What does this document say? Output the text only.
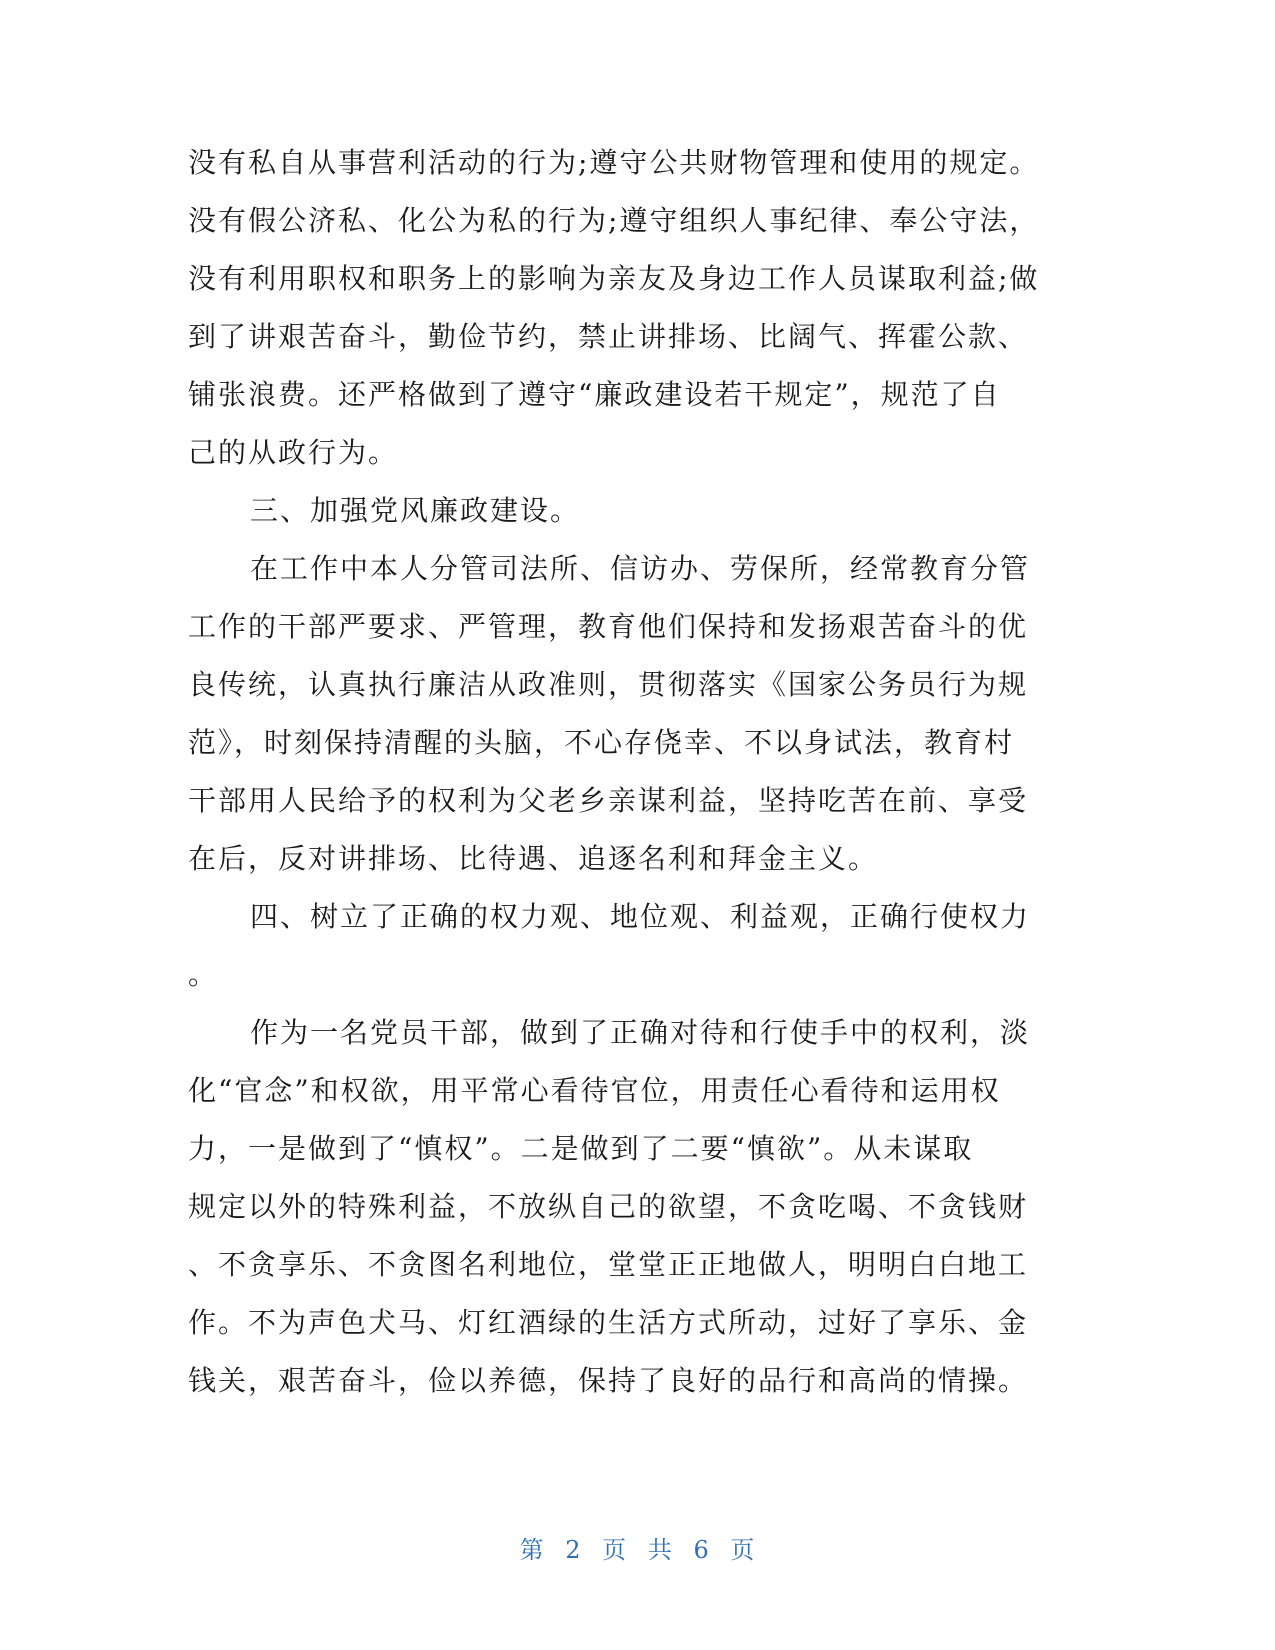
没有私自从事营利活动的行为;遵守公共财物管理和使用的规定。
没有假公济私、化公为私的行为;遵守组织人事纪律、奉公守法，
没有利用职权和职务上的影响为亲友及身边工作人员谋取利益;做
到了讲艰苦奋斗，勤俭节约，禁止讲排场、比阔气、挥霍公款、
铺张浪费。还严格做到了遵守“廉政建设若干规定”，规范了自
己的从政行为。
三、加强党风廉政建设。
在工作中本人分管司法所、信访办、劳保所，经常教育分管
工作的干部严要求、严管理，教育他们保持和发扬艰苦奋斗的优
良传统，认真执行廉洁从政准则，贯彻落实《国家公务员行为规
范》，时刻保持清醒的头脑，不心存侥幸、不以身试法，教育村
干部用人民给予的权利为父老乡亲谋利益，坚持吃苦在前、享受
在后，反对讲排场、比待遇、追逐名利和拜金主义。
四、树立了正确的权力观、地位观、利益观，正确行使权力
。
作为一名党员干部，做到了正确对待和行使手中的权利，淡
化“官念”和权欲，用平常心看待官位，用责任心看待和运用权
力，一是做到了“慎权”。二是做到了二要“慎欲”。从未谋取
规定以外的特殊利益，不放纵自己的欲望，不贪吃喝、不贪钱财
、不贪享乐、不贪图名利地位，堂堂正正地做人，明明白白地工
作。不为声色犬马、灯红酒绿的生活方式所动，过好了享乐、金
钱关，艰苦奋斗，俭以养德，保持了良好的品行和高尚的情操。
第 2 页 共 6 页
